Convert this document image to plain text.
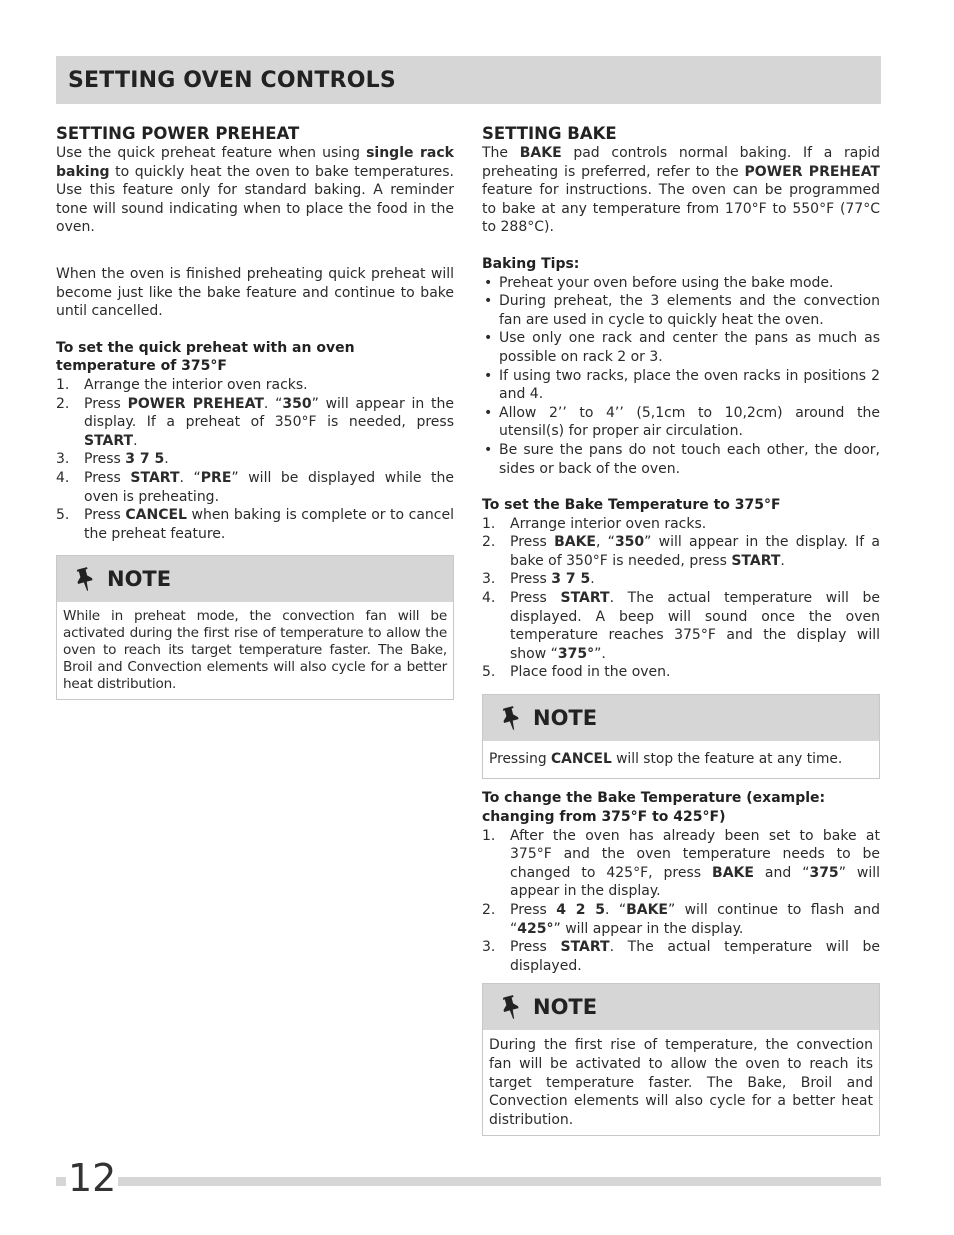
SETTING OVEN CONTROLS
SETTING POWER PREHEAT

Use the quick preheat feature when using single rack baking to quickly heat the oven to bake temperatures. Use this feature only for standard baking. A reminder tone will sound indicating when to place the food in the oven.

When the oven is finished preheating quick preheat will become just like the bake feature and continue to bake until cancelled.

To set the quick preheat with an oven temperature of 375°F
1. Arrange the interior oven racks.
2. Press POWER PREHEAT. “350” will appear in the display. If a preheat of 350°F is needed, press START.
3. Press 3 7 5.
4. Press START. “PRE” will be displayed while the oven is preheating.
5. Press CANCEL when baking is complete or to cancel the preheat feature.
NOTE
While in preheat mode, the convection fan will be activated during the first rise of temperature to allow the oven to reach its target temperature faster. The Bake, Broil and Convection elements will also cycle for a better heat distribution.
SETTING BAKE

The BAKE pad controls normal baking. If a rapid preheating is preferred, refer to the POWER PREHEAT feature for instructions. The oven can be programmed to bake at any temperature from 170°F to 550°F (77°C to 288°C).

Baking Tips:
• Preheat your oven before using the bake mode.
• During preheat, the 3 elements and the convection fan are used in cycle to quickly heat the oven.
• Use only one rack and center the pans as much as possible on rack 2 or 3.
• If using two racks, place the oven racks in positions 2 and 4.
• Allow 2’’ to 4’’ (5,1cm to 10,2cm) around the utensil(s) for proper air circulation.
• Be sure the pans do not touch each other, the door, sides or back of the oven.
To set the Bake Temperature to 375°F
1. Arrange interior oven racks.
2. Press BAKE, “350” will appear in the display. If a bake of 350°F is needed, press START.
3. Press 3 7 5.
4. Press START. The actual temperature will be displayed. A beep will sound once the oven temperature reaches 375°F and the display will show “375°”.
5. Place food in the oven.
NOTE
Pressing CANCEL will stop the feature at any time.
To change the Bake Temperature (example: changing from 375°F to 425°F)
1. After the oven has already been set to bake at 375°F and the oven temperature needs to be changed to 425°F, press BAKE and “375” will appear in the display.
2. Press 4 2 5. “BAKE” will continue to flash and “425°” will appear in the display.
3. Press START. The actual temperature will be displayed.
NOTE
During the first rise of temperature, the convection fan will be activated to allow the oven to reach its target temperature faster. The Bake, Broil and Convection elements will also cycle for a better heat distribution.
12
